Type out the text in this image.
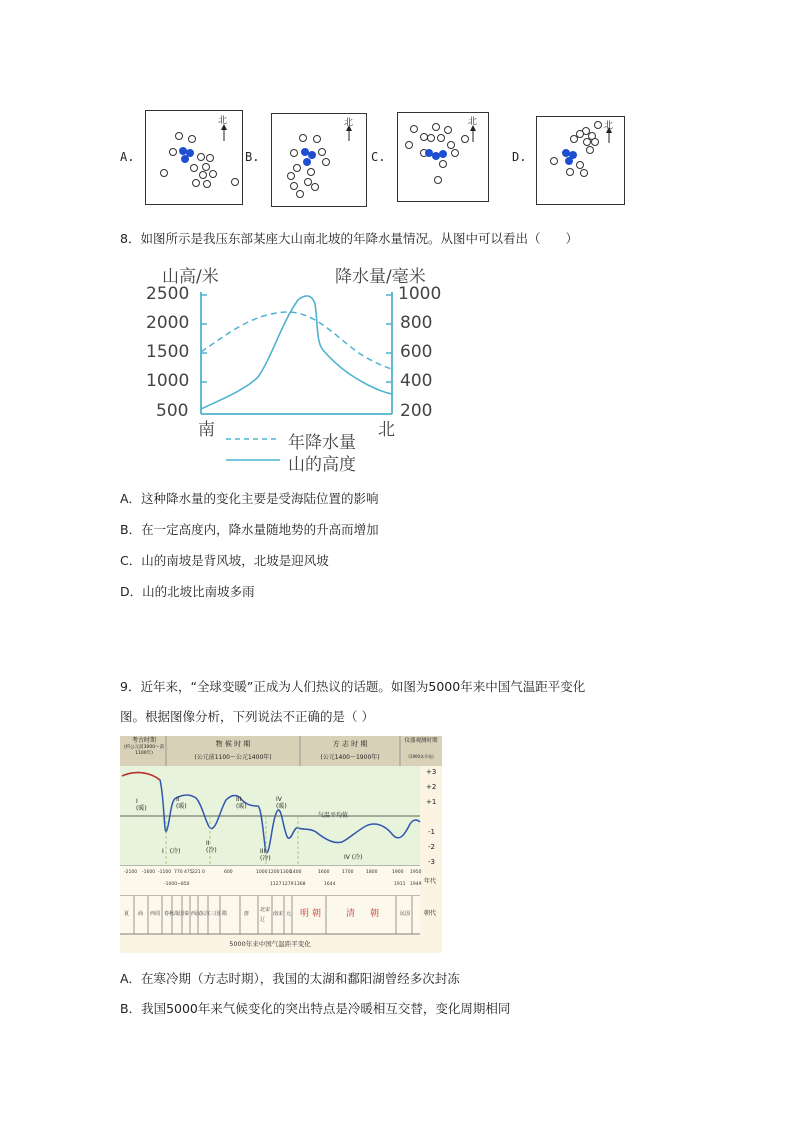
A.
北
B.
北
C.
北
D.
北
8．如图所示是我压东部某座大山南北坡的年降水量情况。从图中可以看出（　　）
山高/米	降水量/毫米
2500
2000
1500
1000
500
1000
800
600
400
200
南	北
年降水量
山的高度
A．这种降水量的变化主要是受海陆位置的影响
B．在一定高度内，降水量随地势的升高而增加
C．山的南坡是背风坡，北坡是迎风坡
D．山的北坡比南坡多雨
9．近年来，“全球变暖”正成为人们热议的话题。如图为5000年来中国气温距平变化
图。根据图像分析，下列说法不正确的是（ ）
考古时期
(约公元前3000～前1100年)
物 候 时 期
(公元前1100～公元1400年)
方 志 时 期
(公元1400～1900年)
仪器观测时期
(1900年开始)
+3
+2
+1
-1
-2
-3
气温平均值
I
(暖)
II
(暖)
III
(暖)
IV
(暖)
I　(冷)
II
(冷)	III
(冷)	IV (冷)
-2100 -1600 -1100 770 475 221 0	600	1000 1200 1300
1400	1600	1700	1800	1900 1950
-1000~850	1127 1279 1368	1644	1911 1949 年代
朝代
夏 商 西周 春秋 战国 秦 西汉
东汉 三国 隋	唐
北宋
辽
南宋 元	民国
明 朝	清 朝
5000年来中国气温距平变化
A．在寒冷期（方志时期），我国的太湖和鄱阳湖曾经多次封冻
B．我国5000年来气候变化的突出特点是冷暖相互交替，变化周期相同
